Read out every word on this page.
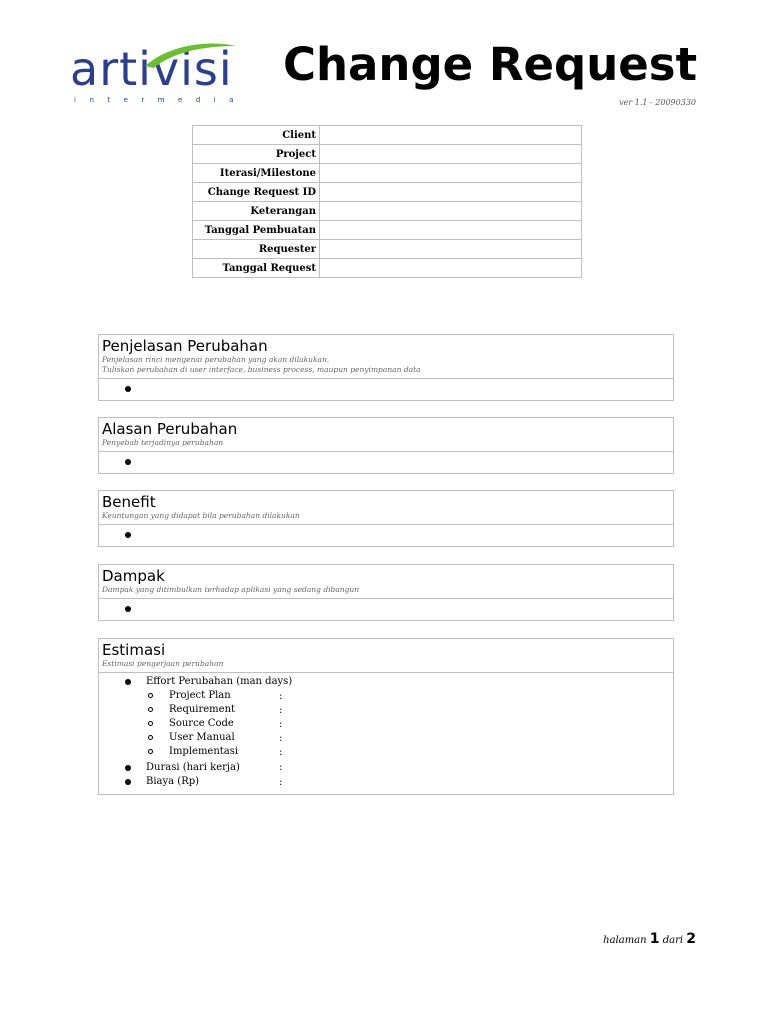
artivisi
intermedia
Change Request
ver 1.1 - 20090330
Client	
Project	
Iterasi/Milestone	
Change Request ID	
Keterangan	
Tanggal Pembuatan	
Requester	
Tanggal Request	
Penjelasan Perubahan
Penjelasan rinci mengenai perubahan yang akan dilakukan.
Tuliskan perubahan di user interface, business process, maupun penyimpanan data
Alasan Perubahan
Penyebab terjadinya perubahan
Benefit
Keuntungan yang didapat bila perubahan dilakukan
Dampak
Dampak yang ditimbulkan terhadap aplikasi yang sedang dibangun
Estimasi
Estimasi pengerjaan perubahan
Effort Perubahan (man days)
Project Plan	:
Requirement	:
Source Code	:
User Manual	:
Implementasi	:
Durasi (hari kerja)	:
Biaya (Rp)	:
halaman 1 dari 2
